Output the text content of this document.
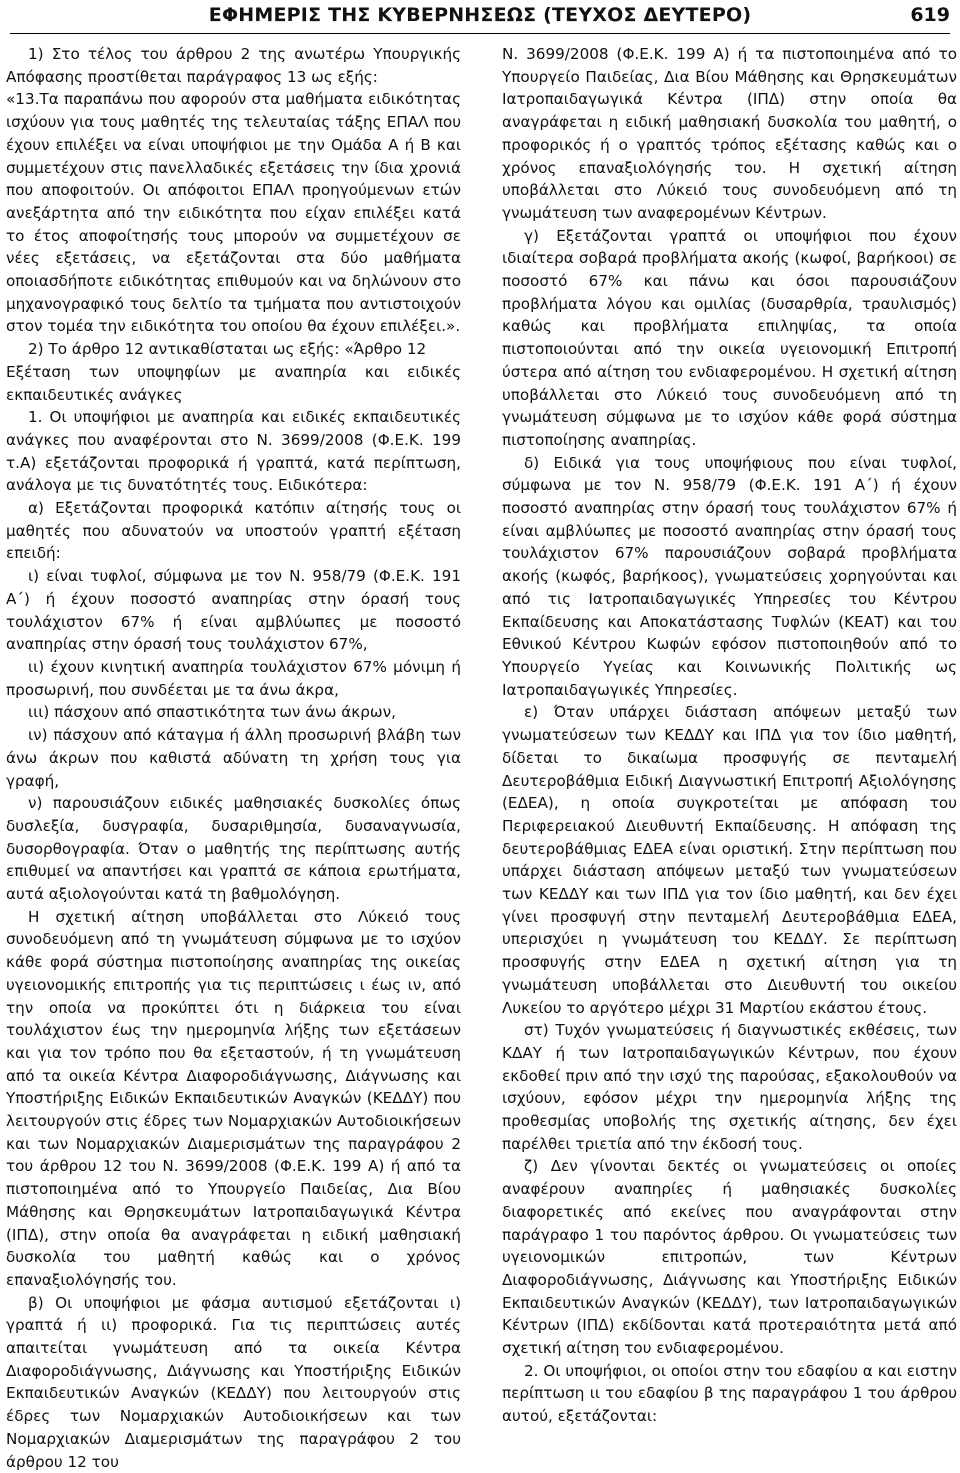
ΕΦΗΜΕΡΙΣ ΤΗΣ ΚΥΒΕΡΝΗΣΕΩΣ (ΤΕΥΧΟΣ ΔΕΥΤΕΡΟ)	619

1) Στο τέλος του άρθρου 2 της ανωτέρω Υπουργικής Απόφασης προστίθεται παράγραφος 13 ως εξής:

«13.Τα παραπάνω που αφορούν στα μαθήματα ειδικότητας ισχύουν για τους μαθητές της τελευταίας τάξης ΕΠΑΛ που έχουν επιλέξει να είναι υποψήφιοι με την Ομάδα Α ή Β και συμμετέχουν στις πανελλαδικές εξετάσεις την ίδια χρονιά που αποφοιτούν. Οι απόφοιτοι ΕΠΑΛ προηγούμενων ετών ανεξάρτητα από την ειδικότητα που είχαν επιλέξει κατά το έτος αποφοίτησής τους μπορούν να συμμετέχουν σε νέες εξετάσεις, να εξετάζονται στα δύο μαθήματα οποιασδήποτε ειδικότητας επιθυμούν και να δηλώνουν στο μηχανογραφικό τους δελτίο τα τμήματα που αντιστοιχούν στον τομέα την ειδικότητα του οποίου θα έχουν επιλέξει.».

2) Το άρθρο 12 αντικαθίσταται ως εξής: «Άρθρο 12

Εξέταση των υποψηφίων με αναπηρία και ειδικές εκπαιδευτικές ανάγκες

1. Οι υποψήφιοι με αναπηρία και ειδικές εκπαιδευτικές ανάγκες που αναφέρονται στο Ν. 3699/2008 (Φ.Ε.Κ. 199 τ.Α) εξετάζονται προφορικά ή γραπτά, κατά περίπτωση, ανάλογα με τις δυνατότητές τους. Ειδικότερα:

α) Εξετάζονται προφορικά κατόπιν αίτησής τους οι μαθητές που αδυνατούν να υποστούν γραπτή εξέταση επειδή:

ι) είναι τυφλοί, σύμφωνα με τον Ν. 958/79 (Φ.Ε.Κ. 191 Α΄) ή έχουν ποσοστό αναπηρίας στην όρασή τους τουλάχιστον 67% ή είναι αμβλύωπες με ποσοστό αναπηρίας στην όρασή τους τουλάχιστον 67%,

ιι) έχουν κινητική αναπηρία τουλάχιστον 67% μόνιμη ή προσωρινή, που συνδέεται με τα άνω άκρα,

ιιι) πάσχουν από σπαστικότητα των άνω άκρων,

ιν) πάσχουν από κάταγμα ή άλλη προσωρινή βλάβη των άνω άκρων που καθιστά αδύνατη τη χρήση τους για γραφή,

ν) παρουσιάζουν ειδικές μαθησιακές δυσκολίες όπως δυσλεξία, δυσγραφία, δυσαριθμησία, δυσαναγνωσία, δυσορθογραφία. Όταν ο μαθητής της περίπτωσης αυτής επιθυμεί να απαντήσει και γραπτά σε κάποια ερωτήματα, αυτά αξιολογούνται κατά τη βαθμολόγηση.

Η σχετική αίτηση υποβάλλεται στο Λύκειό τους συνοδευόμενη από τη γνωμάτευση σύμφωνα με το ισχύον κάθε φορά σύστημα πιστοποίησης αναπηρίας της οικείας υγειονομικής επιτροπής για τις περιπτώσεις ι έως ιν, από την οποία να προκύπτει ότι η διάρκεια του είναι τουλάχιστον έως την ημερομηνία λήξης των εξετάσεων και για τον τρόπο που θα εξεταστούν, ή τη γνωμάτευση από τα οικεία Κέντρα Διαφοροδιάγνωσης, Διάγνωσης και Υποστήριξης Ειδικών Εκπαιδευτικών Αναγκών (ΚΕΔΔΥ) που λειτουργούν στις έδρες των Νομαρχιακών Αυτοδιοικήσεων και των Νομαρχιακών Διαμερισμάτων της παραγράφου 2 του άρθρου 12 του Ν. 3699/2008 (Φ.Ε.Κ. 199 Α) ή από τα πιστοποιημένα από το Υπουργείο Παιδείας, Δια Βίου Μάθησης και Θρησκευμάτων Ιατροπαιδαγωγικά Κέντρα (ΙΠΔ), στην οποία θα αναγράφεται η ειδική μαθησιακή δυσκολία του μαθητή καθώς και ο χρόνος επαναξιολόγησής του.

β) Οι υποψήφιοι με φάσμα αυτισμού εξετάζονται ι) γραπτά ή ιι) προφορικά. Για τις περιπτώσεις αυτές απαιτείται γνωμάτευση από τα οικεία Κέντρα Διαφοροδιάγνωσης, Διάγνωσης και Υποστήριξης Ειδικών Εκπαιδευτικών Αναγκών (ΚΕΔΔΥ) που λειτουργούν στις έδρες των Νομαρχιακών Αυτοδιοικήσεων και των Νομαρχιακών Διαμερισμάτων της παραγράφου 2 του άρθρου 12 του

Ν. 3699/2008 (Φ.Ε.Κ. 199 Α) ή τα πιστοποιημένα από το Υπουργείο Παιδείας, Δια Βίου Μάθησης και Θρησκευμάτων Ιατροπαιδαγωγικά Κέντρα (ΙΠΔ) στην οποία θα αναγράφεται η ειδική μαθησιακή δυσκολία του μαθητή, ο προφορικός ή ο γραπτός τρόπος εξέτασης καθώς και ο χρόνος επαναξιολόγησής του. Η σχετική αίτηση υποβάλλεται στο Λύκειό τους συνοδευόμενη από τη γνωμάτευση των αναφερομένων Κέντρων.

γ) Εξετάζονται γραπτά οι υποψήφιοι που έχουν ιδιαίτερα σοβαρά προβλήματα ακοής (κωφοί, βαρήκοοι) σε ποσοστό 67% και πάνω και όσοι παρουσιάζουν προβλήματα λόγου και ομιλίας (δυσαρθρία, τραυλισμός) καθώς και προβλήματα επιληψίας, τα οποία πιστοποιούνται από την οικεία υγειονομική Επιτροπή ύστερα από αίτηση του ενδιαφερομένου. Η σχετική αίτηση υποβάλλεται στο Λύκειό τους συνοδευόμενη από τη γνωμάτευση σύμφωνα με το ισχύον κάθε φορά σύστημα πιστοποίησης αναπηρίας.

δ) Ειδικά για τους υποψήφιους που είναι τυφλοί, σύμφωνα με τον Ν. 958/79 (Φ.Ε.Κ. 191 Α΄) ή έχουν ποσοστό αναπηρίας στην όρασή τους τουλάχιστον 67% ή είναι αμβλύωπες με ποσοστό αναπηρίας στην όρασή τους τουλάχιστον 67% παρουσιάζουν σοβαρά προβλήματα ακοής (κωφός, βαρήκοος), γνωματεύσεις χορηγούνται και από τις Ιατροπαιδαγωγικές Υπηρεσίες του Κέντρου Εκπαίδευσης και Αποκατάστασης Τυφλών (ΚΕΑΤ) και του Εθνικού Κέντρου Κωφών εφόσον πιστοποιηθούν από το Υπουργείο Υγείας και Κοινωνικής Πολιτικής ως Ιατροπαιδαγωγικές Υπηρεσίες.

ε) Όταν υπάρχει διάσταση απόψεων μεταξύ των γνωματεύσεων των ΚΕΔΔΥ και ΙΠΔ για τον ίδιο μαθητή, δίδεται το δικαίωμα προσφυγής σε πενταμελή Δευτεροβάθμια Ειδική Διαγνωστική Επιτροπή Αξιολόγησης (ΕΔΕΑ), η οποία συγκροτείται με απόφαση του Περιφερειακού Διευθυντή Εκπαίδευσης. Η απόφαση της δευτεροβάθμιας ΕΔΕΑ είναι οριστική. Στην περίπτωση που υπάρχει διάσταση απόψεων μεταξύ των γνωματεύσεων των ΚΕΔΔΥ και των ΙΠΔ για τον ίδιο μαθητή, και δεν έχει γίνει προσφυγή στην πενταμελή Δευτεροβάθμια ΕΔΕΑ, υπερισχύει η γνωμάτευση του ΚΕΔΔΥ. Σε περίπτωση προσφυγής στην ΕΔΕΑ η σχετική αίτηση για τη γνωμάτευση υποβάλλεται στο Διευθυντή του οικείου Λυκείου το αργότερο μέχρι 31 Μαρτίου εκάστου έτους.

στ) Τυχόν γνωματεύσεις ή διαγνωστικές εκθέσεις, των ΚΔΑΥ ή των Ιατροπαιδαγωγικών Κέντρων, που έχουν εκδοθεί πριν από την ισχύ της παρούσας, εξακολουθούν να ισχύουν, εφόσον μέχρι την ημερομηνία λήξης της προθεσμίας υποβολής της σχετικής αίτησης, δεν έχει παρέλθει τριετία από την έκδοσή τους.

ζ) Δεν γίνονται δεκτές οι γνωματεύσεις οι οποίες αναφέρουν αναπηρίες ή μαθησιακές δυσκολίες διαφορετικές από εκείνες που αναγράφονται στην παράγραφο 1 του παρόντος άρθρου. Οι γνωματεύσεις των υγειονομικών επιτροπών, των Κέντρων Διαφοροδιάγνωσης, Διάγνωσης και Υποστήριξης Ειδικών Εκπαιδευτικών Αναγκών (ΚΕΔΔΥ), των Ιατροπαιδαγωγικών Κέντρων (ΙΠΔ) εκδίδονται κατά προτεραιότητα μετά από σχετική αίτηση του ενδιαφερομένου.

2. Οι υποψήφιοι, οι οποίοι στην του εδαφίου α και ειστην περίπτωση ιι του εδαφίου β της παραγράφου 1 του άρθρου αυτού, εξετάζονται:
